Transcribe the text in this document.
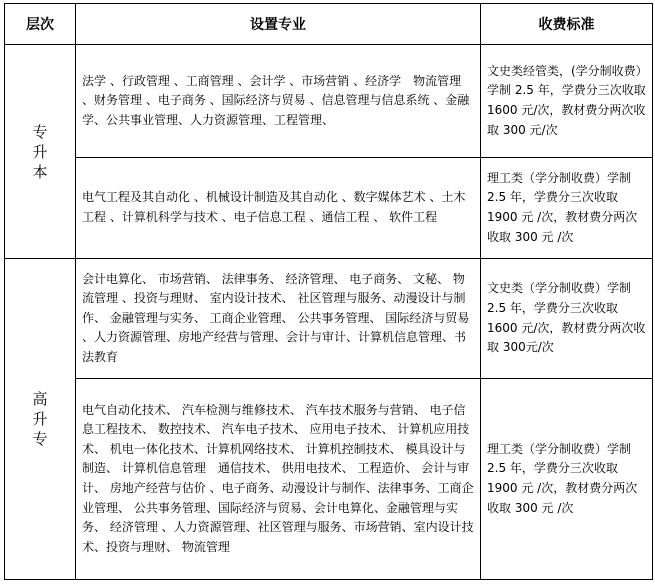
层次	设置专业	收费标准

专
升
本	法学 、行政管理 、工商管理 、会计学 、市场营销 、经济学　物流管理 、财务管理 、电子商务 、国际经济与贸易 、信息管理与信息系统 、金融学、公共事业管理、人力资源管理、工程管理、	文史类经管类，(学分制收费）学制 2.5 年，学费分三次收取 1600 元/次，教材费分两次收取 300 元/次
	电气工程及其自动化 、机械设计制造及其自动化 、数字媒体艺术 、土木工程 、计算机科学与技术 、电子信息工程 、通信工程 、 软件工程	理工类（学分制收费）学制 2.5 年，学费分三次收取 1900 元 /次，教材费分两次收取 300 元 /次

高
升
专	会计电算化、 市场营销、 法律事务、 经济管理、 电子商务、 文秘、 物流管理 、投资与理财、 室内设计技术、 社区管理与服务、动漫设计与制作、 金融管理与实务、 工商企业管理、 公共事务管理、 国际经济与贸易 、人力资源管理、房地产经营与管理、会计与审计、计算机信息管理、书法教育	文史类（学分制收费）学制 2.5 年，学费分三次收取 1600 元/次，教材费分两次收取 300元/次
	电气自动化技术、 汽车检测与维修技术、 汽车技术服务与营销、 电子信息工程技术、 数控技术、 汽车电子技术、 应用电子技术、 计算机应用技术、 机电一体化技术、计算机网络技术、 计算机控制技术、 模具设计与制造、 计算机信息管理　通信技术、 供用电技术、 工程造价、 会计与审计、 房地产经营与估价 、电子商务、动漫设计与制作、法律事务、工商企业管理、 公共事务管理、国际经济与贸易、会计电算化、金融管理与实务、 经济管理 、人力资源管理、社区管理与服务、市场营销、室内设计技术、投资与理财、 物流管理	理工类（学分制收费）学制 2.5 年，学费分三次收取 1900 元 /次，教材费分两次收取 300 元 /次
